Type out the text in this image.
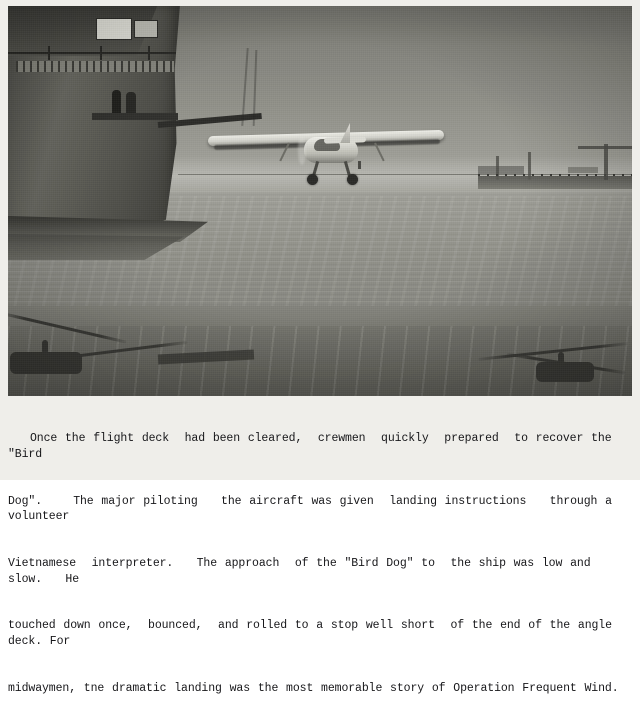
Once the flight deck  had been cleared,  crewmen  quickly  prepared  to recover the "Bird

Dog".    The major piloting   the aircraft was given  landing instructions   through a volunteer

Vietnamese  interpreter.   The approach  of the "Bird Dog" to  the ship was low and slow.   He

touched down once,  bounced,  and rolled to a stop well short  of the end of the angle deck. For

midwaymen, tne dramatic landing was the most memorable story of Operation Frequent Wind.
